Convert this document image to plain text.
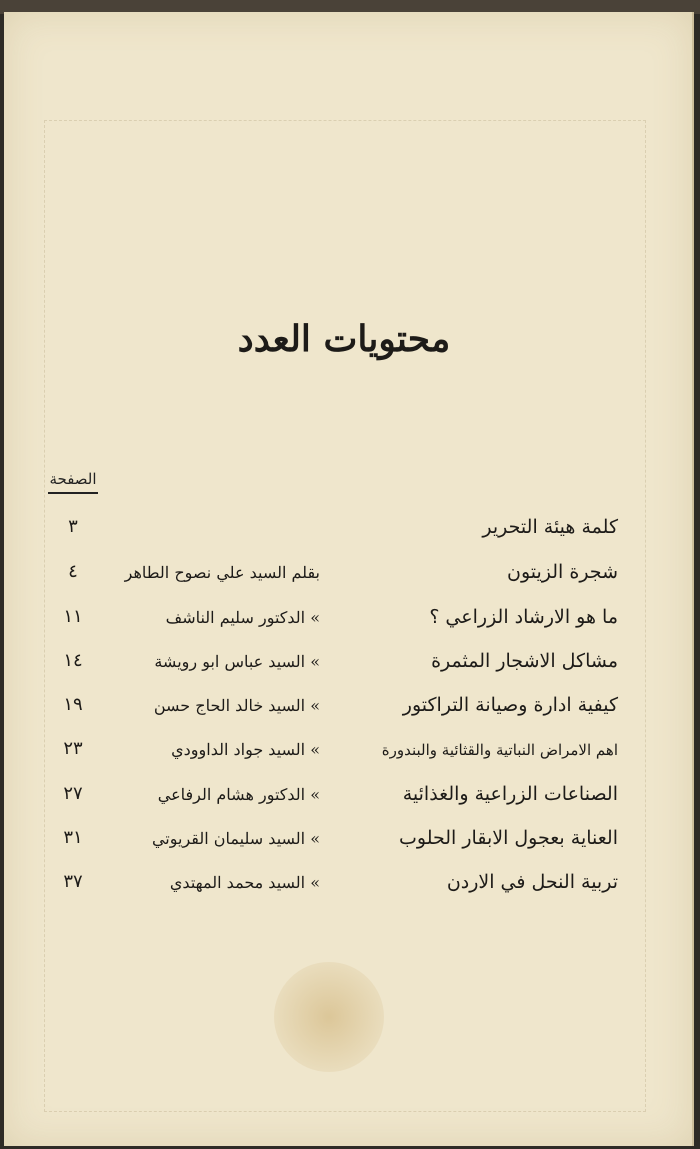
محتويات العدد
الصفحة
كلمة هيئة التحرير
٣
شجرة الزيتون
بقلم السيد علي نصوح الطاهر
٤
ما هو الارشاد الزراعي ؟
» الدكتور سليم الناشف
١١
مشاكل الاشجار المثمرة
» السيد عباس ابو رويشة
١٤
كيفية ادارة وصيانة التراكتور
» السيد خالد الحاج حسن
١٩
اهم الامراض النباتية والقثائية والبندورة
» السيد جواد الداوودي
٢٣
الصناعات الزراعية والغذائية
» الدكتور هشام الرفاعي
٢٧
العناية بعجول الابقار الحلوب
» السيد سليمان القريوتي
٣١
تربية النحل في الاردن
» السيد محمد المهتدي
٣٧
